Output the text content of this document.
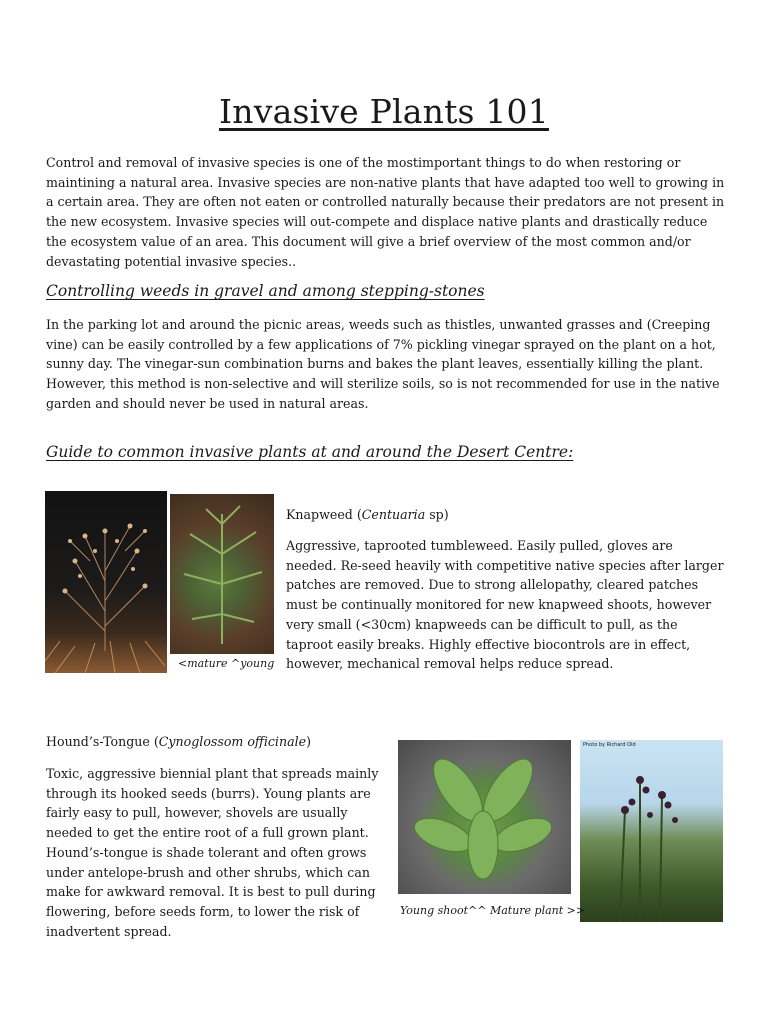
Invasive Plants 101

Control and removal of invasive species is one of the mostimportant things to do when restoring or maintining a natural area. Invasive species are non-native plants that have adapted too well to growing in a certain area. They are often not eaten or controlled naturally because their predators are not present in the new ecosystem. Invasive species will out-compete and displace native plants and drastically reduce the ecosystem value of an area. This document will give a brief overview of the most common and/or devastating potential invasive species..

Controlling weeds in gravel and among stepping-stones

In the parking lot and around the picnic areas, weeds such as thistles, unwanted grasses and (Creeping vine) can be easily controlled by a few applications of 7% pickling vinegar sprayed on the plant on a hot, sunny day. The vinegar-sun combination burns and bakes the plant leaves, essentially killing the plant. However, this method is non-selective and will sterilize soils, so is not recommended for use in the native garden and should never be used in natural areas.

Guide to common invasive plants at and around the Desert Centre:

<mature ^young

Knapweed (Centuaria sp)

Aggressive, taprooted tumbleweed. Easily pulled, gloves are needed. Re-seed heavily with competitive native species after larger patches are removed. Due to strong allelopathy, cleared patches must be continually monitored for new knapweed shoots, however very small (<30cm) knapweeds can be difficult to pull, as the taproot easily breaks. Highly effective biocontrols are in effect, however, mechanical removal helps reduce spread.

Hound’s-Tongue (Cynoglossom officinale)

Toxic, aggressive biennial plant that spreads mainly through its hooked seeds (burrs). Young plants are fairly easy to pull, however, shovels are usually needed to get the entire root of a full grown plant. Hound’s-tongue is shade tolerant and often grows under antelope-brush and other shrubs, which can make for awkward removal. It is best to pull during flowering, before seeds form, to lower the risk of inadvertent spread.

Photo by Richard Old

Young shoot^^ Mature plant >>
